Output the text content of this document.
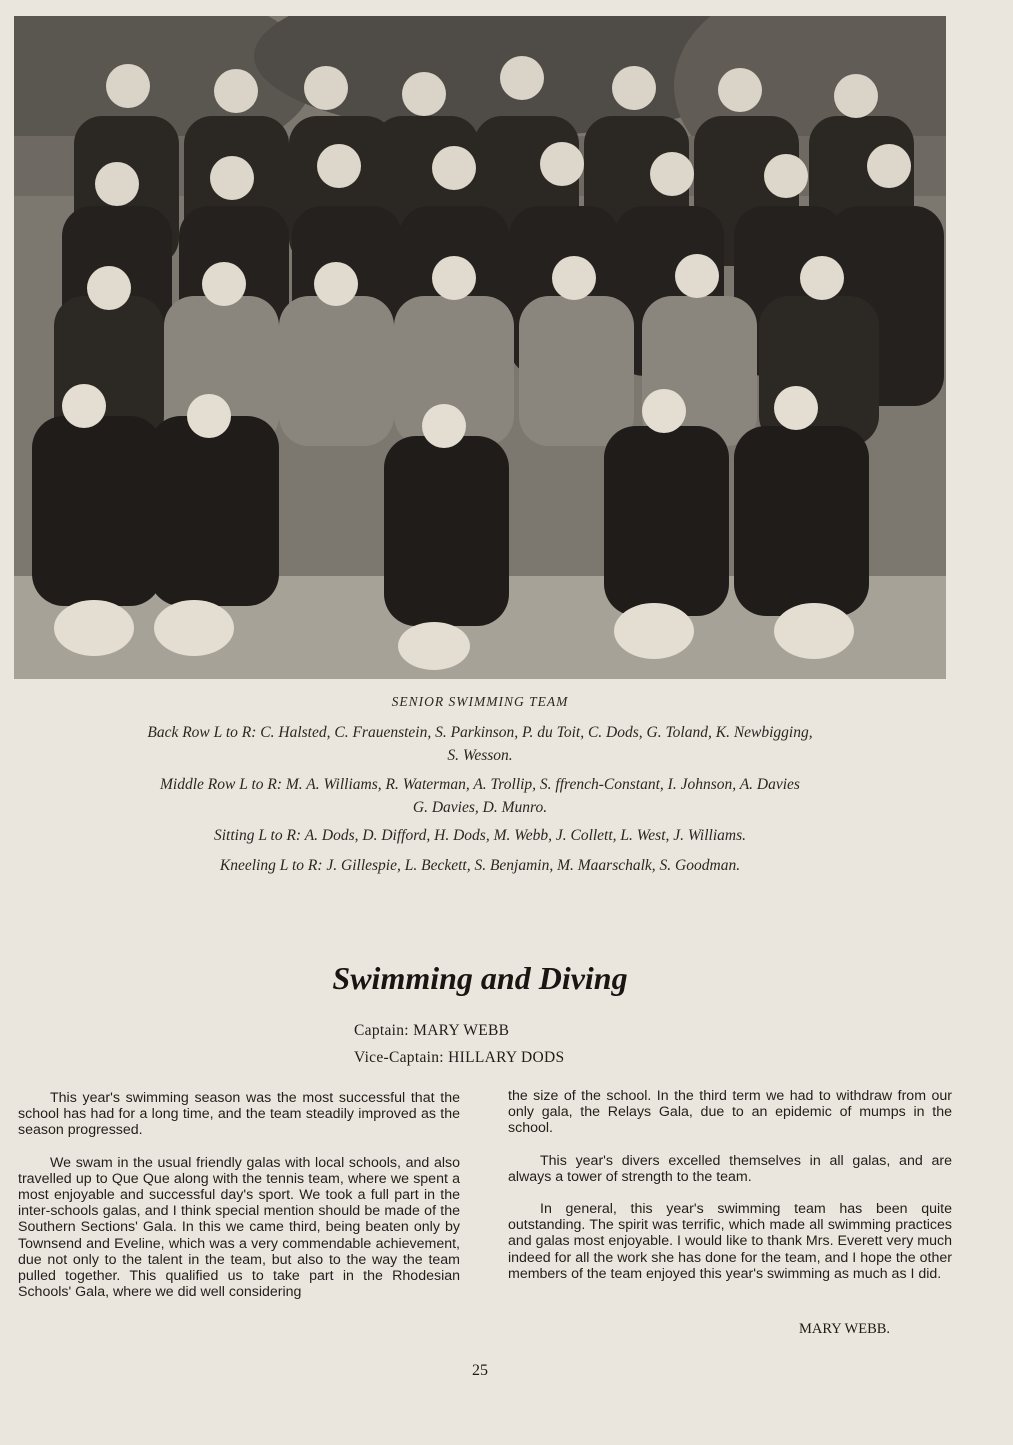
SENIOR SWIMMING TEAM
Back Row L to R: C. Halsted, C. Frauenstein, S. Parkinson, P. du Toit, C. Dods, G. Toland, K. Newbigging,
S. Wesson.
Middle Row L to R: M. A. Williams, R. Waterman, A. Trollip, S. ffrench-Constant, I. Johnson, A. Davies
G. Davies, D. Munro.
Sitting L to R: A. Dods, D. Difford, H. Dods, M. Webb, J. Collett, L. West, J. Williams.
Kneeling L to R: J. Gillespie, L. Beckett, S. Benjamin, M. Maarschalk, S. Goodman.
Swimming and Diving
Captain: MARY WEBB
Vice-Captain: HILLARY DODS

This year's swimming season was the most successful that the school has had for a long time, and the team steadily improved as the season progressed.

We swam in the usual friendly galas with local schools, and also travelled up to Que Que along with the tennis team, where we spent a most enjoyable and successful day's sport. We took a full part in the inter-schools galas, and I think special mention should be made of the Southern Sections' Gala. In this we came third, being beaten only by Townsend and Eveline, which was a very commendable achievement, due not only to the talent in the team, but also to the way the team pulled together. This qualified us to take part in the Rhodesian Schools' Gala, where we did well considering

the size of the school. In the third term we had to withdraw from our only gala, the Relays Gala, due to an epidemic of mumps in the school.

This year's divers excelled themselves in all galas, and are always a tower of strength to the team.

In general, this year's swimming team has been quite outstanding. The spirit was terrific, which made all swimming practices and galas most enjoyable. I would like to thank Mrs. Everett very much indeed for all the work she has done for the team, and I hope the other members of the team enjoyed this year's swimming as much as I did.

MARY WEBB.
25
